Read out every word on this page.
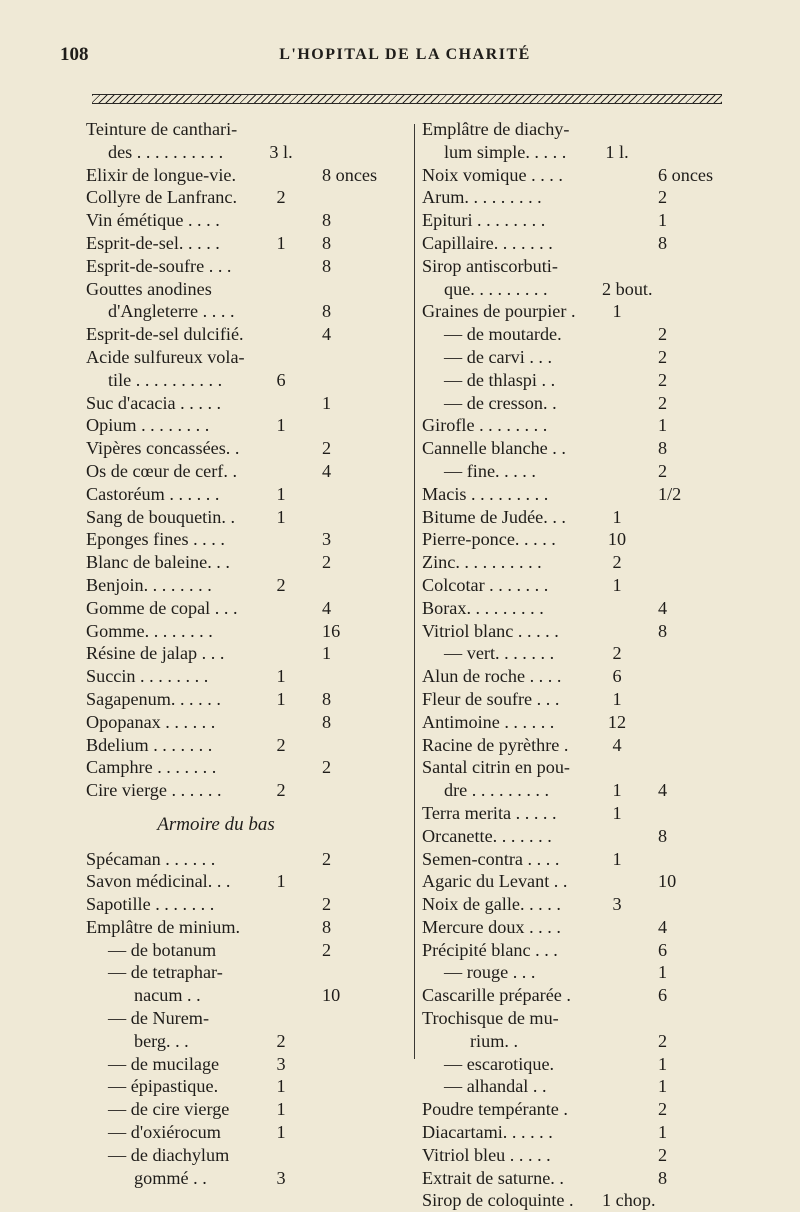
108	L'HOPITAL DE LA CHARITÉ
Teinture de canthari-
des . . . . . . . . . .	3 l.
Elixir de longue-vie.	8 onces
Collyre de Lanfranc.	2
Vin émétique . . . .	8
Esprit-de-sel. . . . .	1	8
Esprit-de-soufre . . .	8
Gouttes anodines
d'Angleterre . . . .	8
Esprit-de-sel dulcifié.	4
Acide sulfureux vola-
tile . . . . . . . . . .	6
Suc d'acacia . . . . .	1
Opium . . . . . . . .	1
Vipères concassées. .	2
Os de cœur de cerf. .	4
Castoréum . . . . . .	1
Sang de bouquetin. .	1
Eponges fines . . . .	3
Blanc de baleine. . .	2
Benjoin. . . . . . . .	2
Gomme de copal . . .	4
Gomme. . . . . . . .	16
Résine de jalap . . .	1
Succin . . . . . . . .	1
Sagapenum. . . . . .	1	8
Opopanax . . . . . .	8
Bdelium . . . . . . .	2
Camphre . . . . . . .	2
Cire vierge . . . . . .	2
Armoire du bas
Spécaman . . . . . .	2
Savon médicinal. . .	1
Sapotille . . . . . . .	2
Emplâtre de minium.	8
— de botanum	2
— de tetraphar-
nacum . .	10
— de Nurem-
berg. . .	2
— de mucilage	3
— épipastique.	1
— de cire vierge	1
— d'oxiérocum	1
— de diachylum
gommé . .	3
Emplâtre de diachy-
lum simple. . . . . 1 l.
Noix vomique . . . .	6 onces
Arum. . . . . . . . .	2
Epituri . . . . . . . .	1
Capillaire. . . . . . .	8
Sirop antiscorbuti-
que. . . . . . . . .	2 bout.
Graines de pourpier .	1
— de moutarde.	2
— de carvi . . .	2
— de thlaspi . .	2
— de cresson. .	2
Girofle . . . . . . . .	1
Cannelle blanche . .	8
— fine. . . . .	2
Macis . . . . . . . . .	1/2
Bitume de Judée. . .	1
Pierre-ponce. . . . .	10
Zinc. . . . . . . . . .	2
Colcotar . . . . . . .	1
Borax. . . . . . . . .	4
Vitriol blanc . . . . .	8
— vert. . . . . . .	2
Alun de roche . . . .	6
Fleur de soufre . . .	1
Antimoine . . . . . .	12
Racine de pyrèthre .	4
Santal citrin en pou-
dre . . . . . . . . .	1	4
Terra merita . . . . .	1
Orcanette. . . . . . .	8
Semen-contra . . . .	1
Agaric du Levant . .	10
Noix de galle. . . . .	3
Mercure doux . . . .	4
Précipité blanc . . .	6
— rouge . . .	1
Cascarille préparée .	6
Trochisque de mu-
rium. .	2
— escarotique.	1
— alhandal . .	1
Poudre tempérante .	2
Diacartami. . . . . .	1
Vitriol bleu . . . . .	2
Extrait de saturne. .	8
Sirop de coloquinte . 1 chop.
